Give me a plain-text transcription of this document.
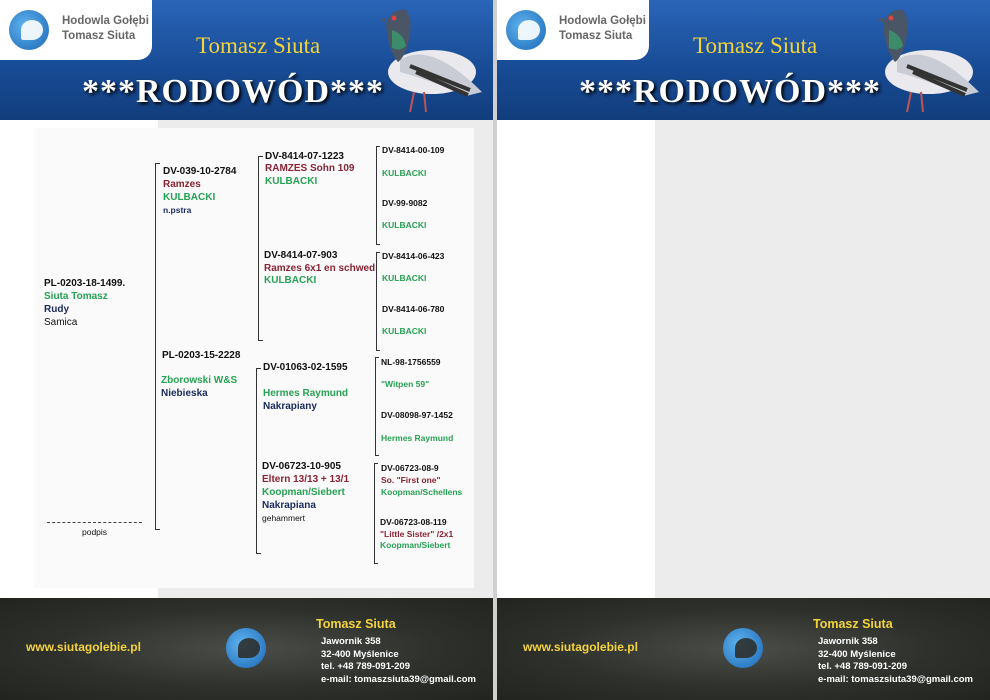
Hodowla Gołębi
Tomasz Siuta	Tomasz Siuta
***RODOWÓD***
PL-0203-18-1499.
Siuta Tomasz
Rudy
Samica
podpis
DV-039-10-2784
Ramzes
KULBACKI
n.pstra
PL-0203-15-2228
Zborowski W&S
Niebieska
DV-8414-07-1223
RAMZES Sohn 109
KULBACKI
DV-8414-07-903
Ramzes 6x1 en schwed
KULBACKI
DV-01063-02-1595
Hermes Raymund
Nakrapiany
DV-06723-10-905
Eltern 13/13 + 13/1
Koopman/Siebert
Nakrapiana
gehammert
DV-8414-00-109
KULBACKI
DV-99-9082
KULBACKI
DV-8414-06-423
KULBACKI
DV-8414-06-780
KULBACKI
NL-98-1756559
"Witpen 59"
DV-08098-97-1452
Hermes Raymund
DV-06723-08-9
So. "First one"
Koopman/Schellens
DV-06723-08-119
"Little Sister" /2x1
Koopman/Siebert
www.siutagolebie.pl
Tomasz Siuta
Jawornik 358
32-400 Myślenice
tel. +48 789-091-209
e-mail: tomaszsiuta39@gmail.com
Hodowla Gołębi
Tomasz Siuta	Tomasz Siuta
***RODOWÓD***
www.siutagolebie.pl
Tomasz Siuta
Jawornik 358
32-400 Myślenice
tel. +48 789-091-209
e-mail: tomaszsiuta39@gmail.com
